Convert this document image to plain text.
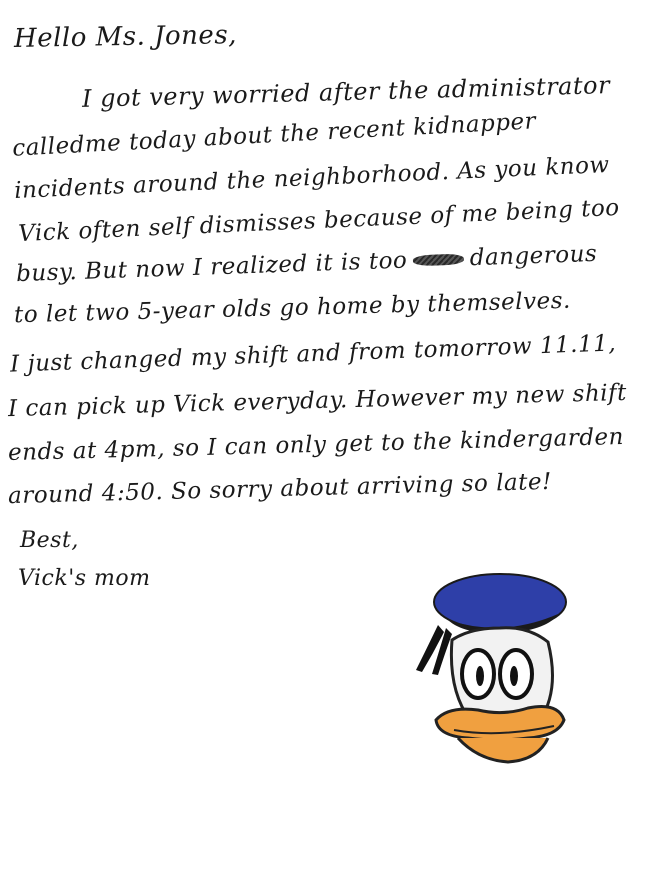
Hello Ms. Jones,
I got very worried after the administrator
calledme today about the recent kidnapper
incidents around the neighborhood. As you know
Vick often self dismisses because of me being too
busy. But now I realized it is too	dangerous
to let two 5-year olds go home by themselves.
I just changed my shift and from tomorrow 11.11,
I can pick up Vick everyday. However my new shift
ends at 4pm, so I can only get to the kindergarden
around 4:50. So sorry about arriving so late!
Best,
Vick's mom
